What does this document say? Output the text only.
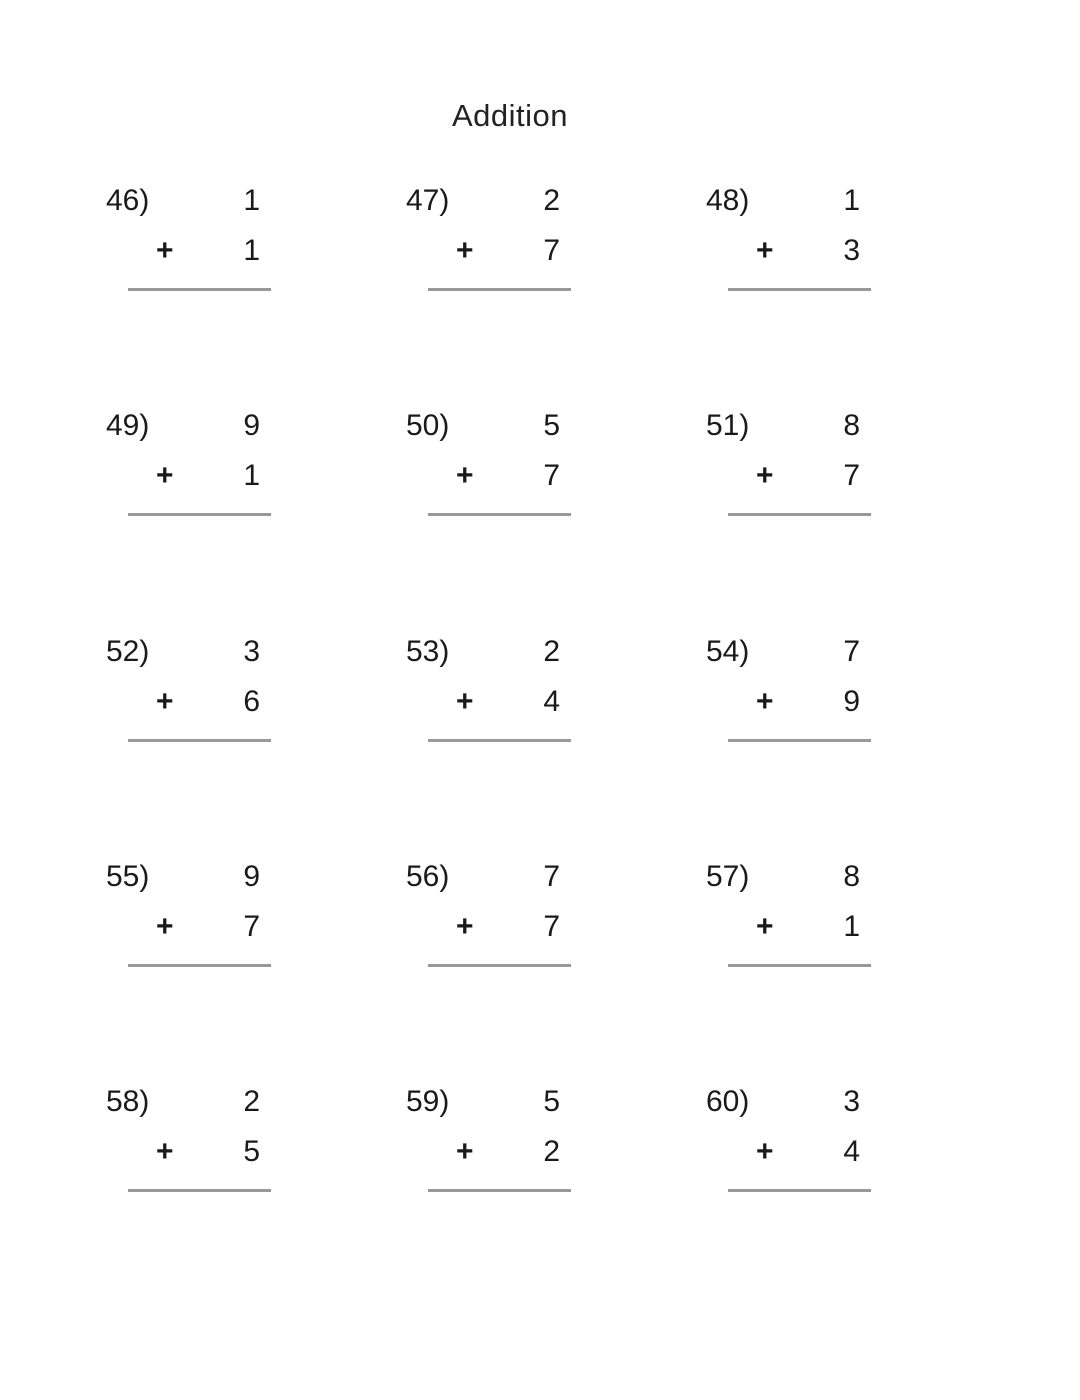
Addition
46)	1
+ 1
47)	2
+ 7
48)	1
+ 3
49)	9
+ 1
50)	5
+ 7
51)	8
+ 7
52)	3
+ 6
53)	2
+ 4
54)	7
+ 9
55)	9
+ 7
56)	7
+ 7
57)	8
+ 1
58)	2
+ 5
59)	5
+ 2
60)	3
+ 4
